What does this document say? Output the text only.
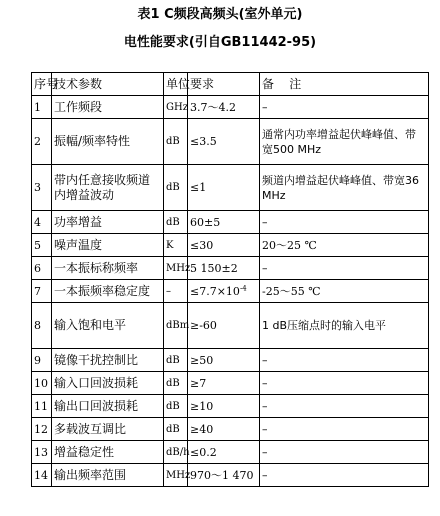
表1 C频段高频头(室外单元)
电性能要求(引自GB11442-95)
序号	技术参数	单位	要求	备    注
1	工作频段	GHz	3.7～4.2	–
2	振幅/频率特性	dB	≤3.5	通常内功率增益起伏峰峰值、带宽500 MHz
3	带内任意接收频道内增益波动	dB	≤1	频道内增益起伏峰峰值、带宽36 MHz
4	功率增益	dB	60±5	–
5	噪声温度	K	≤30	20～25 ℃
6	一本振标称频率	MHz	5 150±2	–
7	一本振频率稳定度	–	$\le 7.7\times 10^{-4}$	-25～55 ℃
8	输入饱和电平	dBm	≥-60	1 dB压缩点时的输入电平
9	镜像干扰控制比	dB	≥50	–
10	输入口回波损耗	dB	≥7	–
11	输出口回波损耗	dB	≥10	–
12	多载波互调比	dB	≥40	–
13	增益稳定性	dB/h	≤0.2	–
14	输出频率范围	MHz	970～1 470	–
